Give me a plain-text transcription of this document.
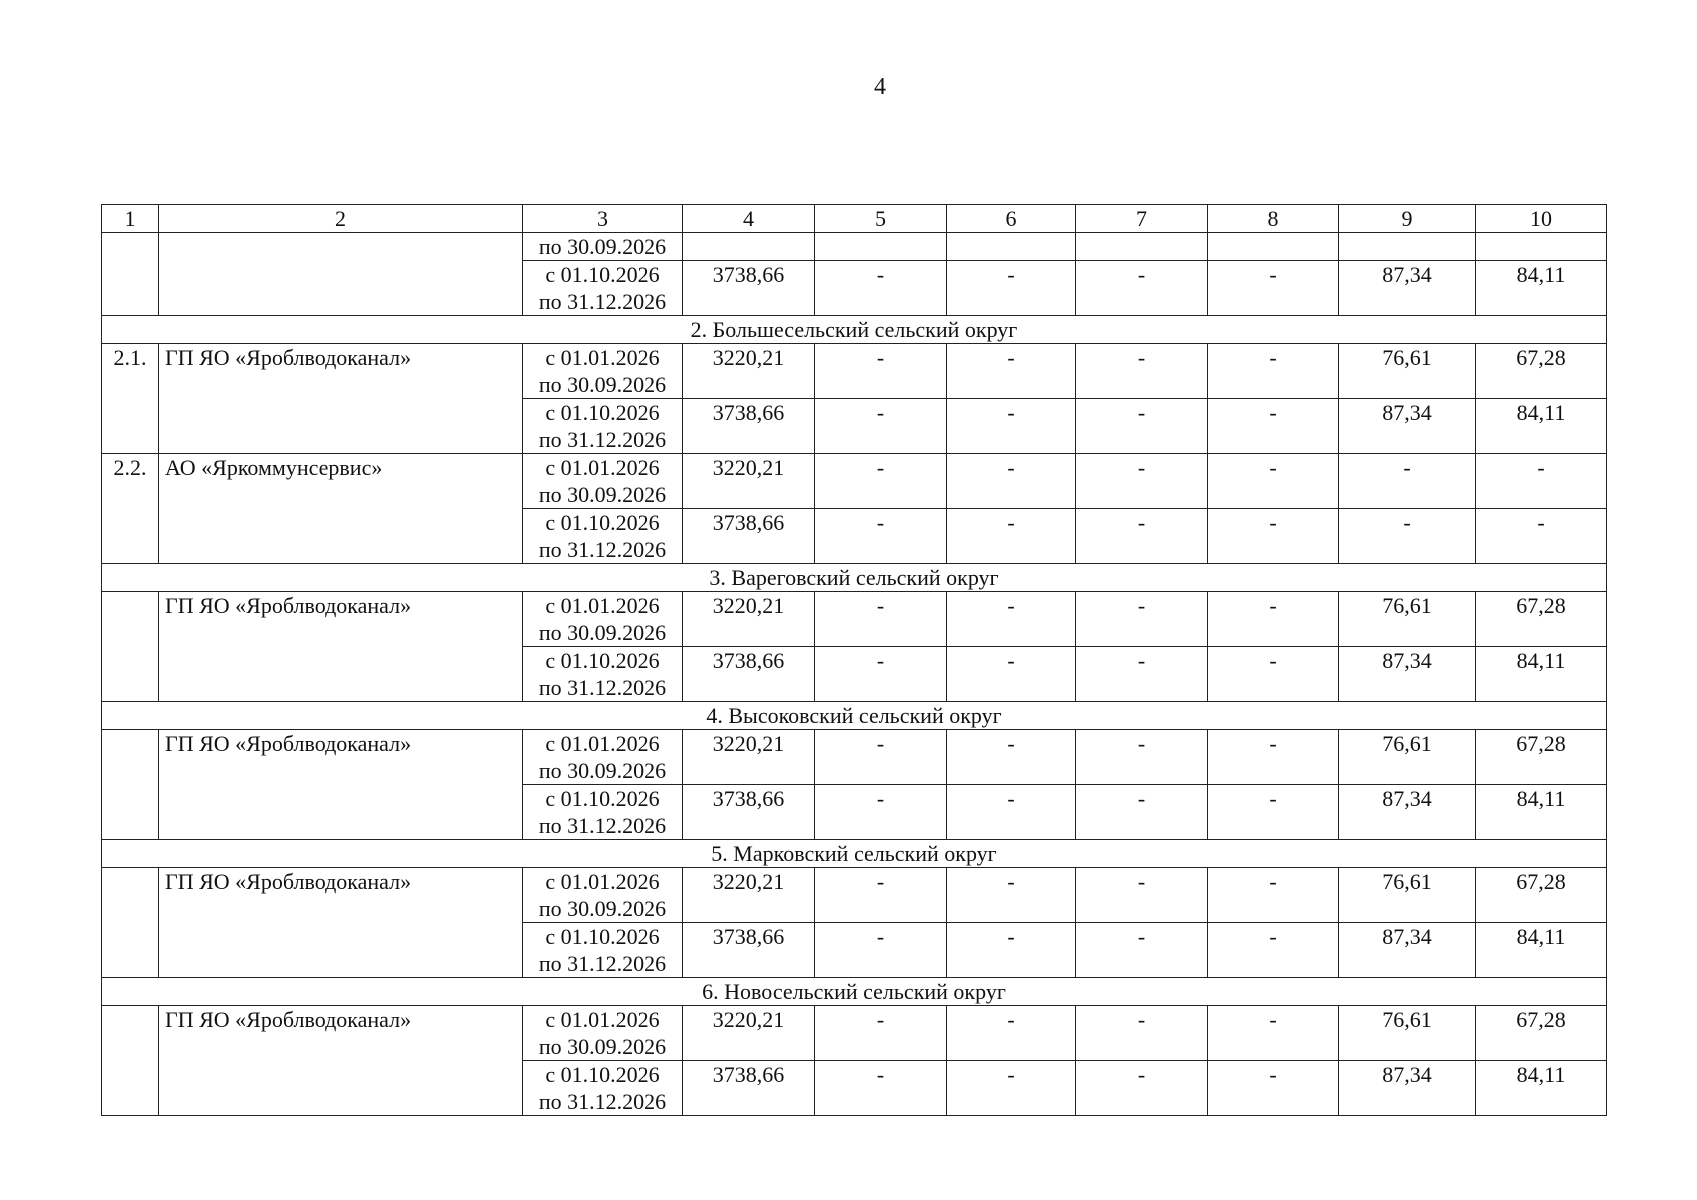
4
1	2	3	4	5	6	7	8	9	10

		по 30.09.2026							

		с 01.10.2026
по 31.12.2026	3738,66	-	-	-	-	87,34	84,11
2. Большесельский сельский округ									
2.1.	ГП ЯО «Яроблводоканал»	с 01.01.2026
по 30.09.2026	3220,21	-	-	-	-	76,61	67,28

		с 01.10.2026
по 31.12.2026	3738,66	-	-	-	-	87,34	84,11
2.2.	АО «Яркоммунсервис»	с 01.01.2026
по 30.09.2026	3220,21	-	-	-	-	-	-

		с 01.10.2026
по 31.12.2026	3738,66	-	-	-	-	-	-
3. Вареговский сельский округ									
	ГП ЯО «Яроблводоканал»	с 01.01.2026
по 30.09.2026	3220,21	-	-	-	-	76,61	67,28

		с 01.10.2026
по 31.12.2026	3738,66	-	-	-	-	87,34	84,11
4. Высоковский сельский округ									
	ГП ЯО «Яроблводоканал»	с 01.01.2026
по 30.09.2026	3220,21	-	-	-	-	76,61	67,28

		с 01.10.2026
по 31.12.2026	3738,66	-	-	-	-	87,34	84,11
5. Марковский сельский округ									
	ГП ЯО «Яроблводоканал»	с 01.01.2026
по 30.09.2026	3220,21	-	-	-	-	76,61	67,28

		с 01.10.2026
по 31.12.2026	3738,66	-	-	-	-	87,34	84,11
6. Новосельский сельский округ									
	ГП ЯО «Яроблводоканал»	с 01.01.2026
по 30.09.2026	3220,21	-	-	-	-	76,61	67,28

		с 01.10.2026
по 31.12.2026	3738,66	-	-	-	-	87,34	84,11
